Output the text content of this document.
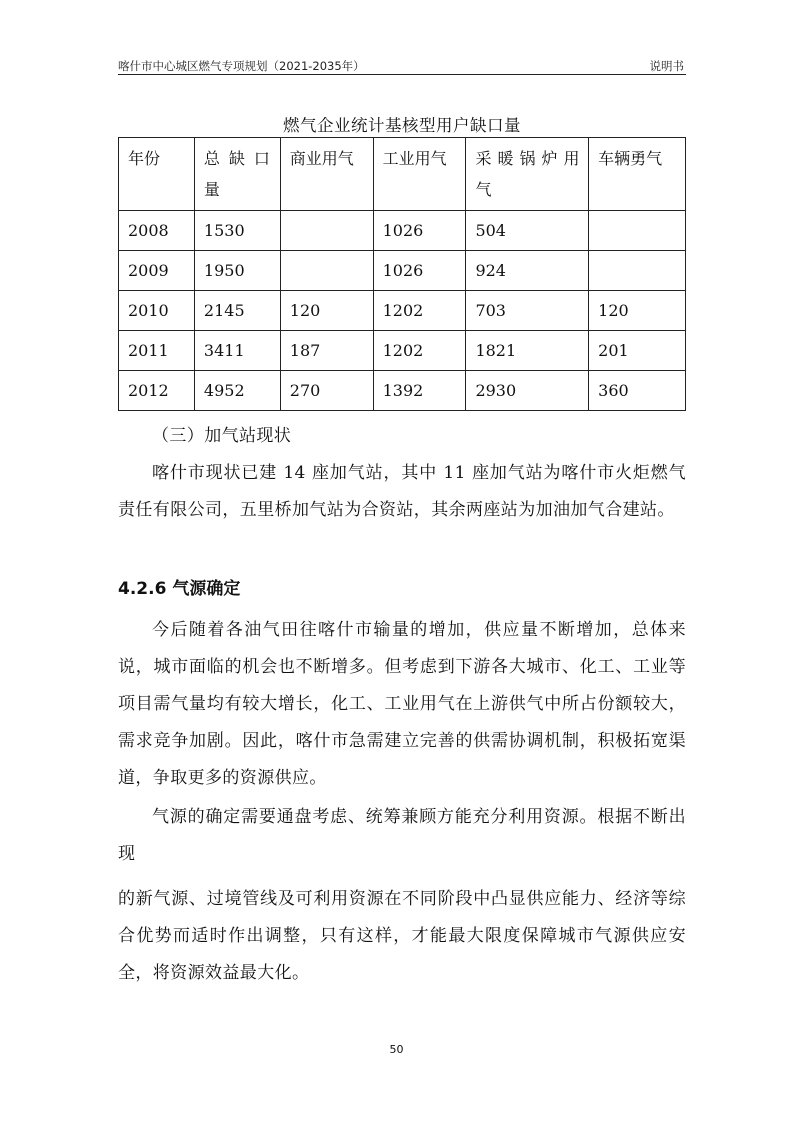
喀什市中心城区燃气专项规划（2021-2035年）	说明书
燃气企业统计基核型用户缺口量
年份	总缺口量	商业用气	工业用气	采暖锅炉用气	车辆勇气
2008	1530		1026	504	
2009	1950		1026	924	
2010	2145	120	1202	703	120
2011	3411	187	1202	1821	201
2012	4952	270	1392	2930	360
（三）加气站现状
喀什市现状已建 14 座加气站，其中 11 座加气站为喀什市火炬燃气责任有限公司，五里桥加气站为合资站，其余两座站为加油加气合建站。
4.2.6 气源确定
今后随着各油气田往喀什市输量的增加，供应量不断增加，总体来说，城市面临的机会也不断增多。但考虑到下游各大城市、化工、工业等项目需气量均有较大增长，化工、工业用气在上游供气中所占份额较大，需求竞争加剧。因此，喀什市急需建立完善的供需协调机制，积极拓宽渠道，争取更多的资源供应。
气源的确定需要通盘考虑、统筹兼顾方能充分利用资源。根据不断出现
的新气源、过境管线及可利用资源在不同阶段中凸显供应能力、经济等综合优势而适时作出调整，只有这样，才能最大限度保障城市气源供应安全，将资源效益最大化。
50
